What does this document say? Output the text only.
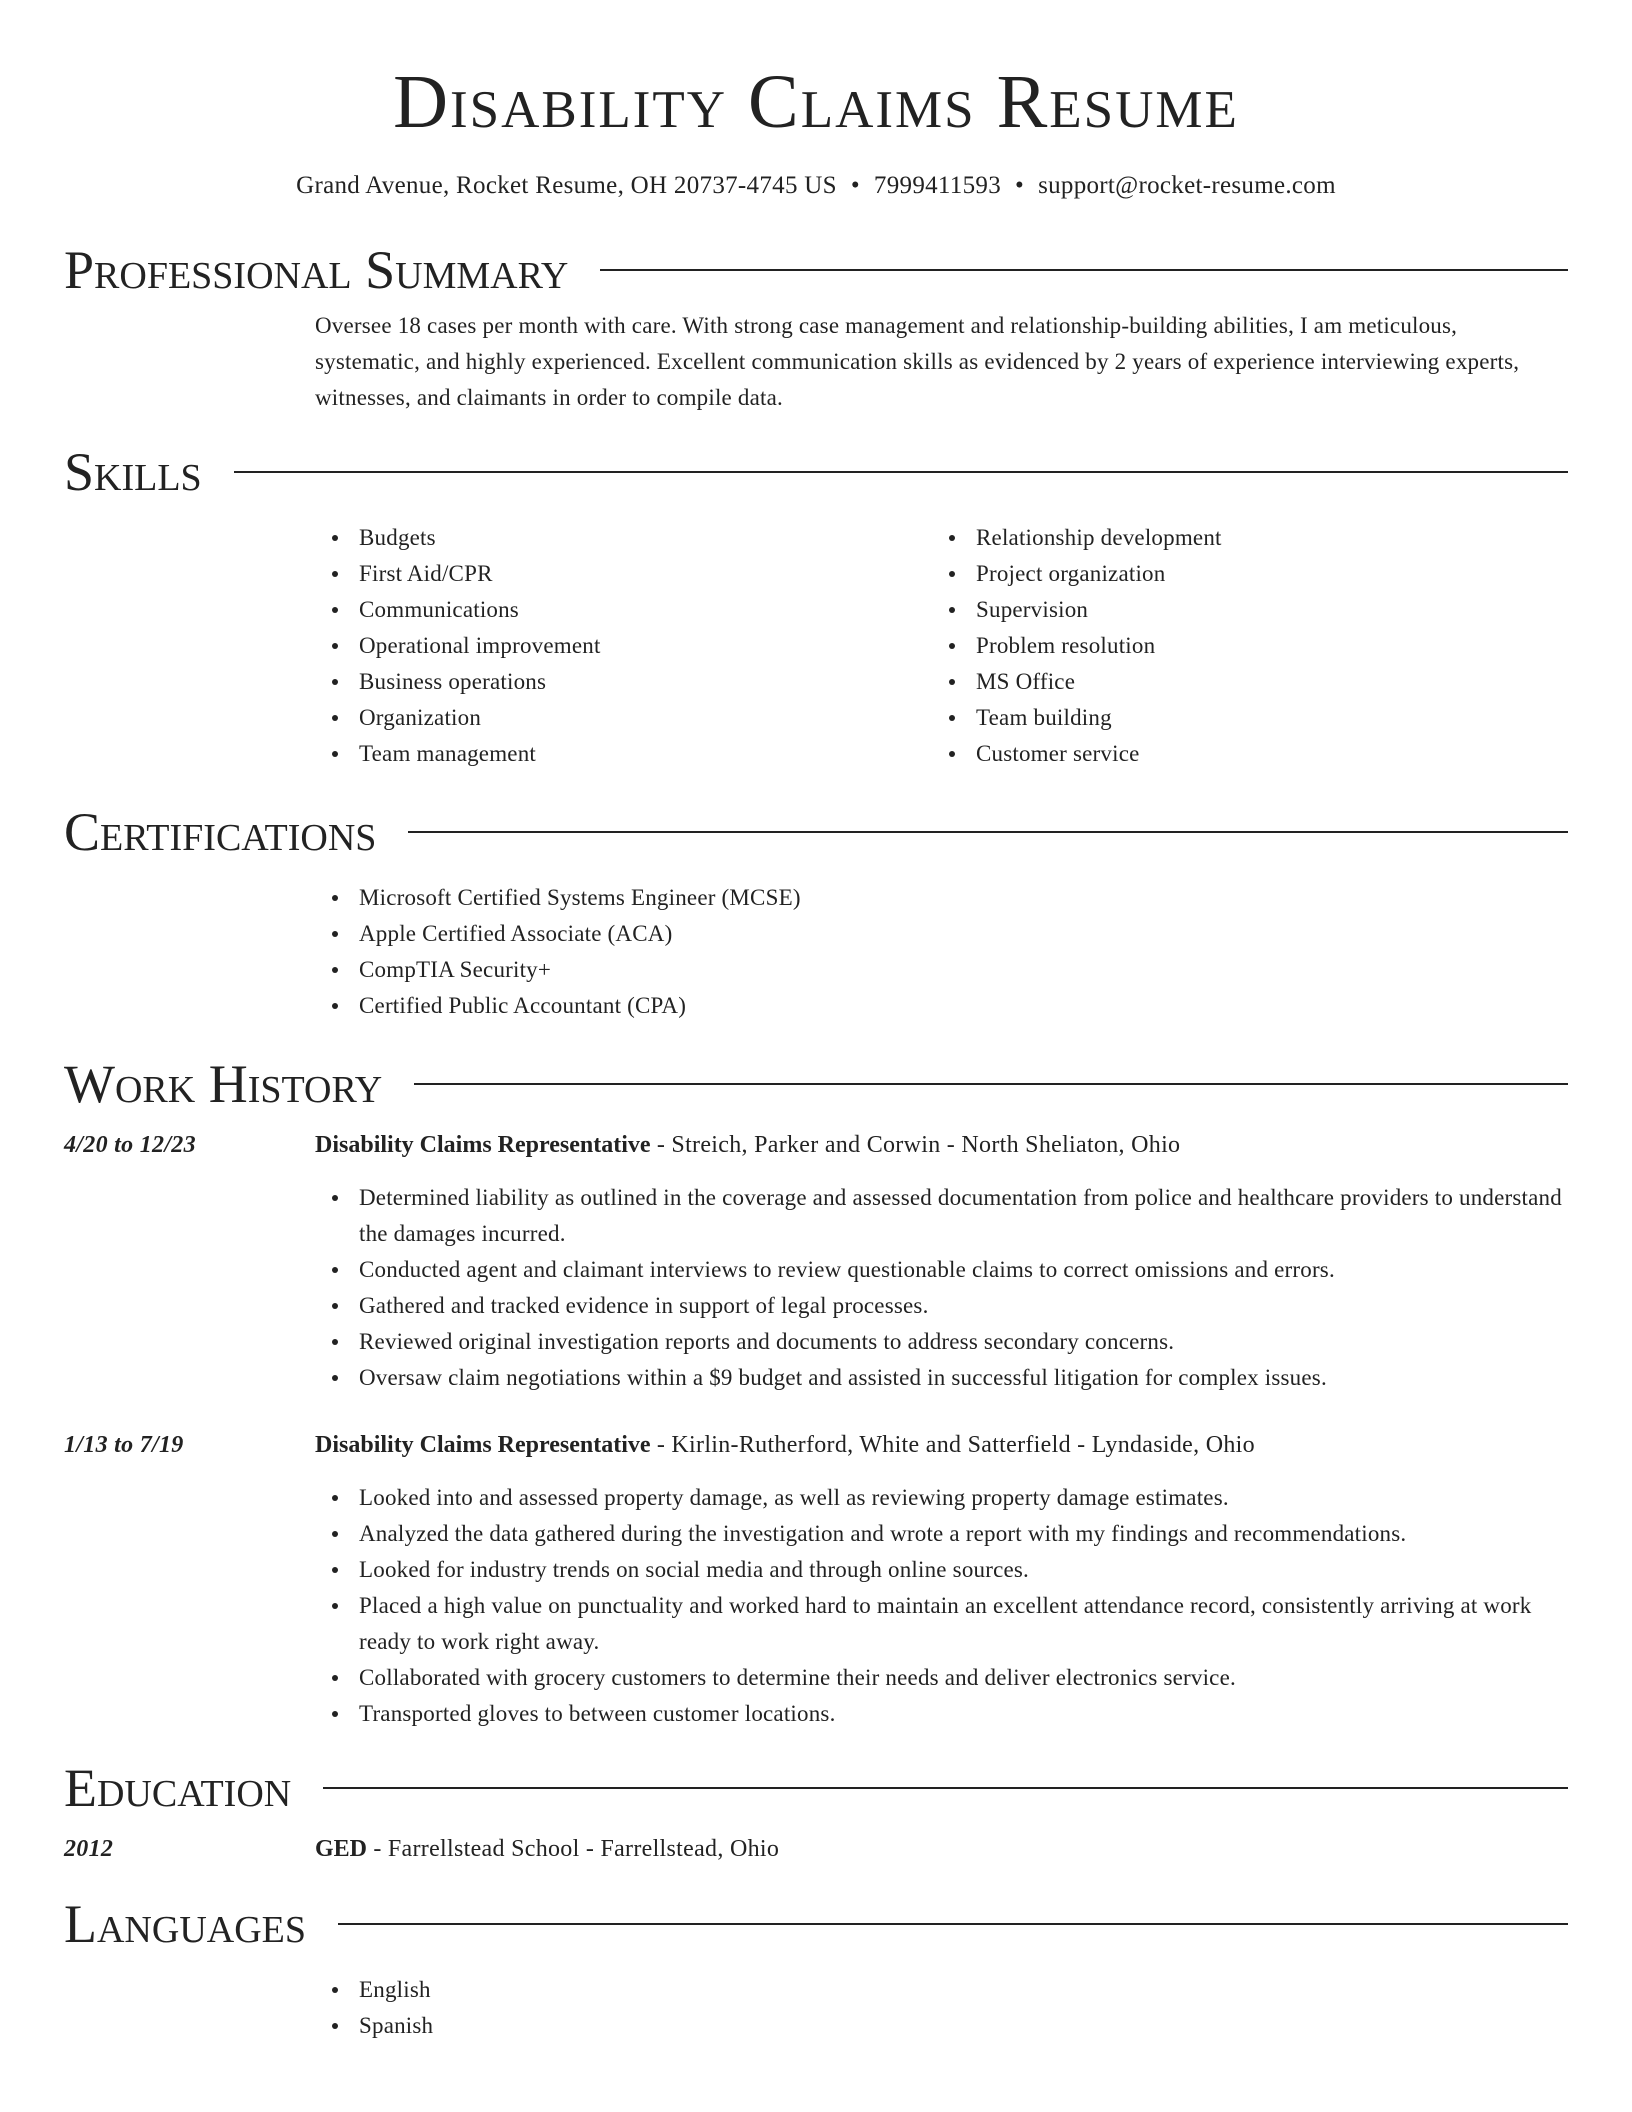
Disability Claims Resume
Grand Avenue, Rocket Resume, OH 20737-4745 US • 7999411593 • support@rocket-resume.com
Professional Summary

Oversee 18 cases per month with care. With strong case management and relationship-building abilities, I am meticulous, systematic, and highly experienced. Excellent communication skills as evidenced by 2 years of experience interviewing experts, witnesses, and claimants in order to compile data.

Skills
Budgets
First Aid/CPR
Communications
Operational improvement
Business operations
Organization
Team management
Relationship development
Project organization
Supervision
Problem resolution
MS Office
Team building
Customer service
Certifications
Microsoft Certified Systems Engineer (MCSE)
Apple Certified Associate (ACA)
CompTIA Security+
Certified Public Accountant (CPA)
Work History
4/20 to 12/23	Disability Claims Representative - Streich, Parker and Corwin - North Sheliaton, Ohio
Determined liability as outlined in the coverage and assessed documentation from police and healthcare providers to understand the damages incurred.
Conducted agent and claimant interviews to review questionable claims to correct omissions and errors.
Gathered and tracked evidence in support of legal processes.
Reviewed original investigation reports and documents to address secondary concerns.
Oversaw claim negotiations within a $9 budget and assisted in successful litigation for complex issues.
1/13 to 7/19	Disability Claims Representative - Kirlin-Rutherford, White and Satterfield - Lyndaside, Ohio
Looked into and assessed property damage, as well as reviewing property damage estimates.
Analyzed the data gathered during the investigation and wrote a report with my findings and recommendations.
Looked for industry trends on social media and through online sources.
Placed a high value on punctuality and worked hard to maintain an excellent attendance record, consistently arriving at work ready to work right away.
Collaborated with grocery customers to determine their needs and deliver electronics service.
Transported gloves to between customer locations.
Education
2012	GED - Farrellstead School - Farrellstead, Ohio
Languages
English
Spanish
